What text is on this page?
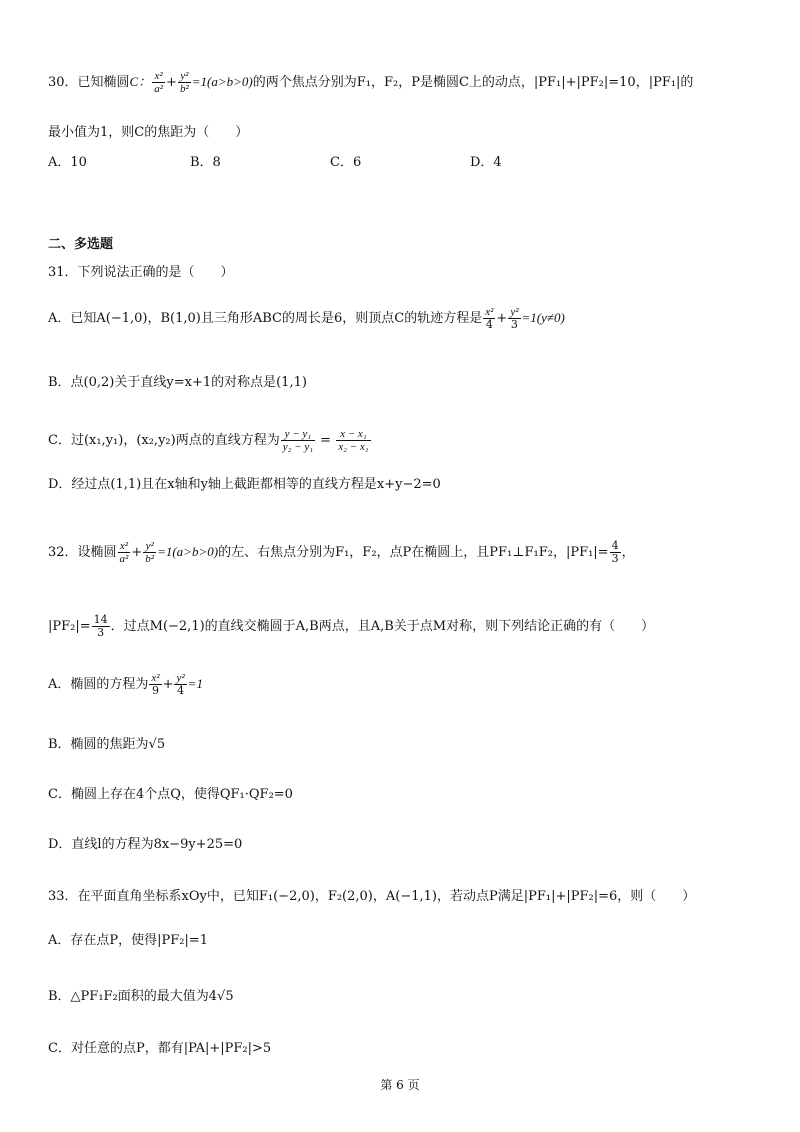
30．已知椭圆C： $\frac{\text{x²}}{\text{a²}} + \frac{\text{y²}}{\text{b²}} =1(a>b>0)$的两个焦点分别为F₁，F₂，P是椭圆C上的动点，|PF₁|+|PF₂|=10，|PF₁|的
最小值为1，则C的焦距为（　　）
A．10	B．8	C．6	D．4
二、多选题
31．下列说法正确的是（　　）
A．已知A(−1,0)，B(1,0)且三角形ABC的周长是6，则顶点C的轨迹方程是 $\frac{\text{x²}}{4} + \frac{\text{y²}}{3} =1(y\ne 0)$
B．点(0,2)关于直线y=x+1的对称点是(1,1)
C．过(x₁,y₁)，(x₂,y₂)两点的直线方程为 $\frac{\text{y − y₁}}{\text{y₂ − y₁}} = \frac{\text{x − x₁}}{\text{x₂ − x₁}}$
D．经过点(1,1)且在x轴和y轴上截距都相等的直线方程是x+y−2=0
32．设椭圆 $\frac{\text{x²}}{\text{a²}} + \frac{\text{y²}}{\text{b²}} =1(a>b>0)$的左、右焦点分别为F₁，F₂，点P在椭圆上，且PF₁⊥F₁F₂，$|PF_1|= \frac{4}{3}$ ，
$|PF_2|= \frac{14}{3}$ ．过点M(−2,1)的直线交椭圆于A,B两点，且A,B关于点M对称，则下列结论正确的有（　　）
A．椭圆的方程为 $\frac{\text{x²}}{9} + \frac{\text{y²}}{4} =1$
B．椭圆的焦距为√5
C．椭圆上存在4个点Q，使得QF₁·QF₂=0
D．直线l的方程为8x−9y+25=0
33．在平面直角坐标系xOy中，已知F₁(−2,0)，F₂(2,0)，A(−1,1)，若动点P满足|PF₁|+|PF₂|=6，则（　　）
A．存在点P，使得|PF₂|=1
B．△PF₁F₂面积的最大值为4√5
C．对任意的点P，都有|PA|+|PF₂|>5
第 6 页
